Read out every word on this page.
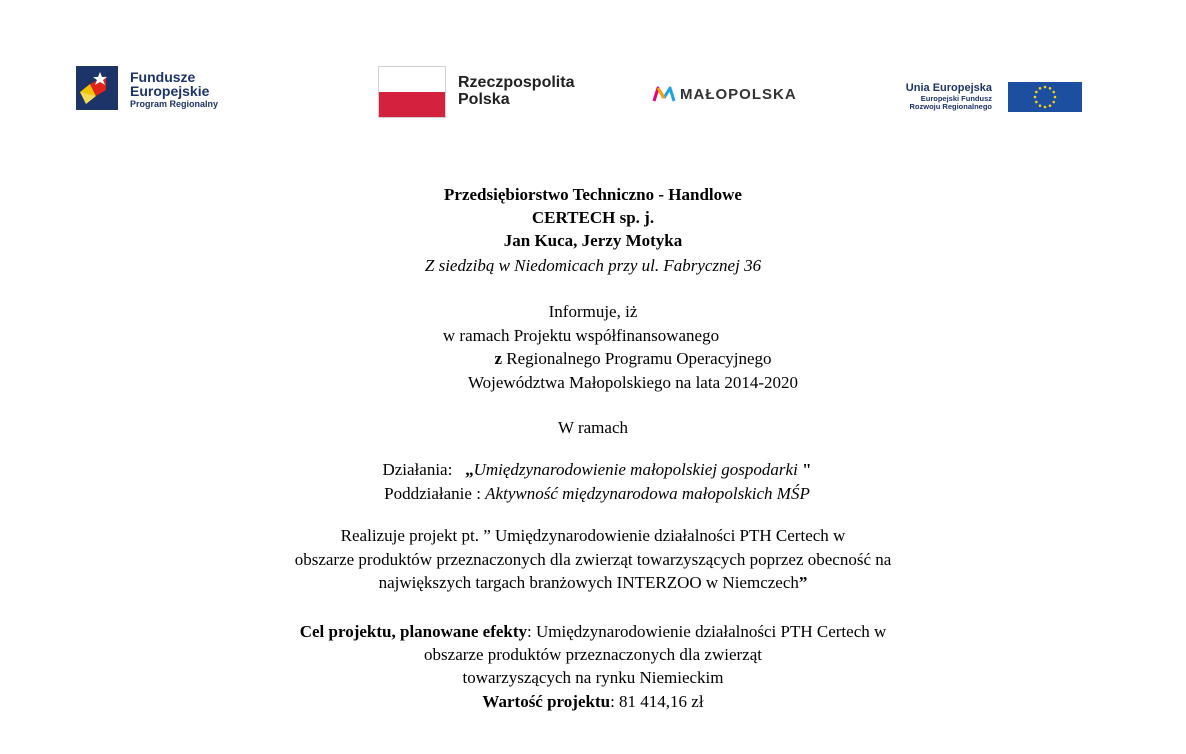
Fundusze
Europejskie
Program Regionalny
Rzeczpospolita
Polska	MAŁOPOLSKA	Unia Europejska
Europejski Fundusz
Rozwoju Regionalnego
Przedsiębiorstwo Techniczno - Handlowe
CERTECH sp. j.
Jan Kuca, Jerzy Motyka
Z siedzibą w Niedomicach przy ul. Fabrycznej 36
Informuje, iż
w ramach Projektu współfinansowanego
z Regionalnego Programu Operacyjnego
Województwa Małopolskiego na lata 2014-2020
W ramach
Działania: „Umiędzynarodowienie małopolskiej gospodarki "
Poddziałanie : Aktywność międzynarodowa małopolskich MŚP
Realizuje projekt pt. ” Umiędzynarodowienie działalności PTH Certech w
obszarze produktów przeznaczonych dla zwierząt towarzyszących poprzez obecność na
największych targach branżowych INTERZOO w Niemczech”
Cel projektu, planowane efekty: Umiędzynarodowienie działalności PTH Certech w
obszarze produktów przeznaczonych dla zwierząt
towarzyszących na rynku Niemieckim
Wartość projektu: 81 414,16 zł
